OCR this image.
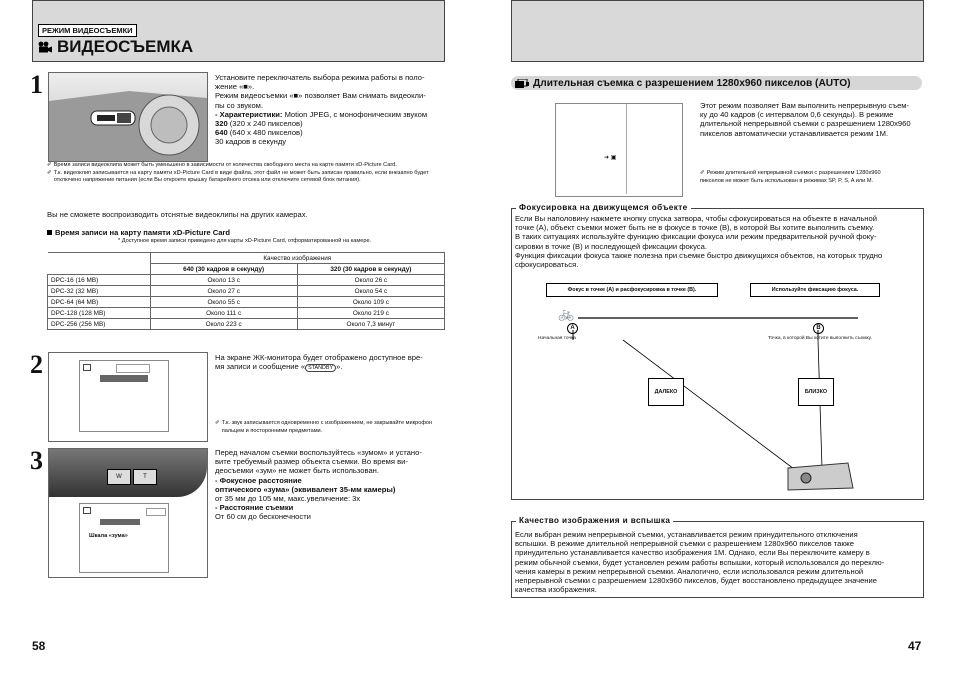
РЕЖИМ ВИДЕОСЪЕМКИ
ВИДЕОСЪЕМКА
1	Установите переключатель выбора режима работы в поло-
жение «■».
Режим видеосъемки «■» позволяет Вам снимать видеокли-
пы со звуком.
- Характеристики: Motion JPEG, с монофоническим звуком
320 (320 x 240 пикселов)
640 (640 x 480 пикселов)
30 кадров в секунду
✐ Время записи видеоклипа может быть уменьшено в зависимости от количества свободного места на карте памяти xD-Picture Card.
✐ Т.к. видеоклип записывается на карту памяти xD-Picture Card в виде файла, этот файл не может быть записан правильно, если внезапно будет отключено напряжение питания (если Вы откроете крышку батарейного отсека или отключите сетевой блок питания).
Вы не сможете воспроизводить отснятые видеоклипы на других камерах.
Время записи на карту памяти xD-Picture Card
* Доступное время записи приведено для карты xD-Picture Card, отформатированной на камере.
	Качество изображения	
	640 (30 кадров в секунду)	320 (30 кадров в секунду)
DPC-16 (16 MB)	Около 13 с	Около 26 с
DPC-32 (32 MB)	Около 27 с	Около 54 с
DPC-64 (64 MB)	Около 55 с	Около 109 с
DPC-128 (128 MB)	Около 111 с	Около 219 с
DPC-256 (256 MB)	Около 223 с	Около 7,3 минут
2	На экране ЖК-монитора будет отображено доступное вре-
мя записи и сообщение « STANDBY ».
✐ Т.к. звук записывается одновременно с изображением, не закрывайте микрофон пальцем и посторонними предметами.
3
W	T
Шкала «зума»
Перед началом съемки воспользуйтесь «зумом» и устано-
вите требуемый размер объекта съемки. Во время ви-
деосъемки «зум» не может быть использован.
- Фокусное расстояние
оптического «зума» (эквивалент 35-мм камеры)
от 35 мм до 105 мм, макс.увеличение: 3x
- Расстояние съемки
От 60 см до бесконечности
58
Длительная съемка с разрешением 1280x960 пикселов (AUTO)
➜ ▣
Этот режим позволяет Вам выполнить непрерывную съем-
ку до 40 кадров (с интервалом 0,6 секунды). В режиме
длительной непрерывной съемки с разрешением 1280x960
пикселов автоматически устанавливается режим 1M.
✐ Режим длительной непрерывной съемки с разрешением 1280x960
пикселов не может быть использован в режимах SP, P, S, A или M.
Фокусировка на движущемся объекте
Если Вы наполовину нажмете кнопку спуска затвора, чтобы сфокусироваться на объекте в начальной
точке (A), объект съемки может быть не в фокусе в точке (B), в которой Вы хотите выполнить съемку.
В таких ситуациях используйте функцию фиксации фокуса или режим предварительной ручной фоку-
сировки в точке (B) и последующей фиксации фокуса.
Функция фиксации фокуса также полезна при съемке быстро движущихся объектов, на которых трудно
сфокусироваться.
Фокус в точке (A) и расфокусировка в точке (B).	Используйте фиксацию фокуса.
🚲
A	B
Начальная точка	Точка, в которой Вы хотите выполнить съемку.
ДАЛЕКО	БЛИЗКО
Качество изображения и вспышка
Если выбран режим непрерывной съемки, устанавливается режим принудительного отключения
вспышки. В режиме длительной непрерывной съемки с разрешением 1280x960 пикселов также
принудительно устанавливается качество изображения 1M. Однако, если Вы переключите камеру в
режим обычной съемки, будет установлен режим работы вспышки, который использовался до переклю-
чения камеры в режим непрерывной съемки. Аналогично, если использовался режим длительной
непрерывной съемки с разрешением 1280x960 пикселов, будет восстановлено предыдущее значение
качества изображения.
47
